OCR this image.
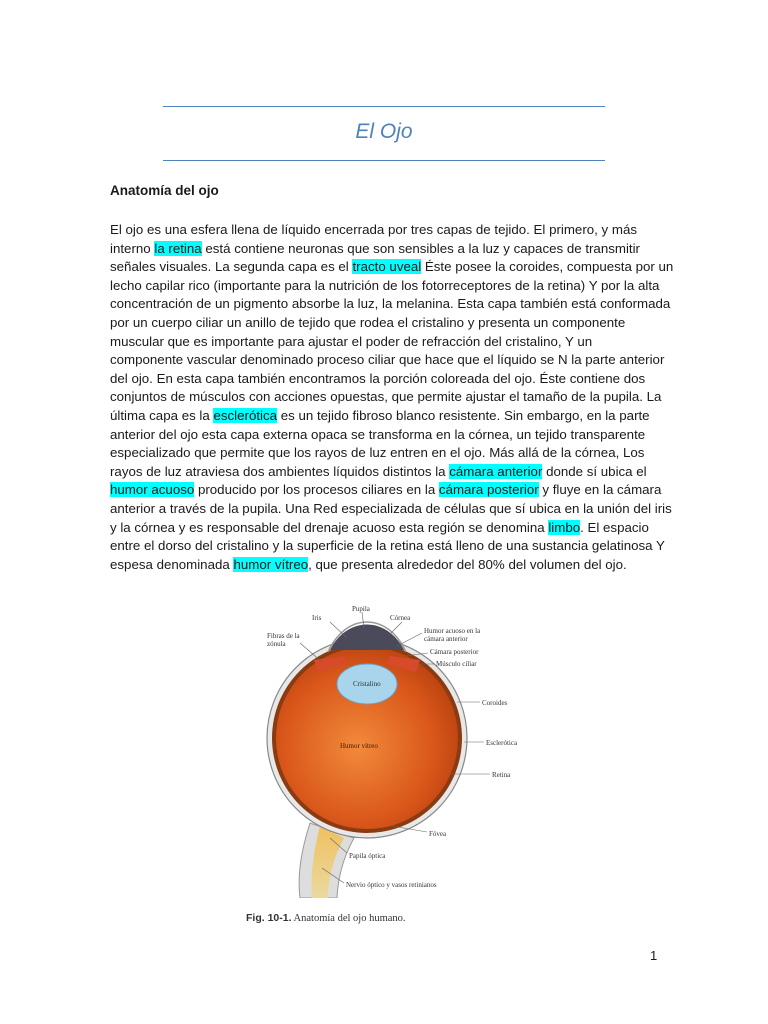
El Ojo
Anatomía del ojo
El ojo es una esfera llena de líquido encerrada por tres capas de tejido. El primero, y más
interno la retina está contiene neuronas que son sensibles a la luz y capaces de transmitir
señales visuales. La segunda capa es el tracto uveal Éste posee la coroides, compuesta por un
lecho capilar rico (importante para la nutrición de los fotorreceptores de la retina) Y por la alta
concentración de un pigmento absorbe la luz, la melanina. Esta capa también está conformada
por un cuerpo ciliar un anillo de tejido que rodea el cristalino y presenta un componente
muscular que es importante para ajustar el poder de refracción del cristalino, Y un
componente vascular denominado proceso ciliar que hace que el líquido se N la parte anterior
del ojo. En esta capa también encontramos la porción coloreada del ojo. Éste contiene dos
conjuntos de músculos con acciones opuestas, que permite ajustar el tamaño de la pupila. La
última capa es la esclerótica es un tejido fibroso blanco resistente. Sin embargo, en la parte
anterior del ojo esta capa externa opaca se transforma en la córnea, un tejido transparente
especializado que permite que los rayos de luz entren en el ojo. Más allá de la córnea, Los
rayos de luz atraviesa dos ambientes líquidos distintos la cámara anterior donde sí ubica el
humor acuoso producido por los procesos ciliares en la cámara posterior y fluye en la cámara
anterior a través de la pupila. Una Red especializada de células que sí ubica en la unión del iris
y la córnea y es responsable del drenaje acuoso esta región se denomina limbo. El espacio
entre el dorso del cristalino y la superficie de la retina está lleno de una sustancia gelatinosa Y
espesa denominada humor vítreo, que presenta alrededor del 80% del volumen del ojo.
Pupila
Iris	Córnea
Fibras de la
zónula
Humor acuoso en la
cámara anterior
Cámara posterior
Músculo ciliar
Cristalino
Coroides
Esclerótica
Humor vítreo
Retina
Fóvea
Papila óptica
Nervio óptico y vasos retinianos
Fig. 10-1. Anatomía del ojo humano.
1
